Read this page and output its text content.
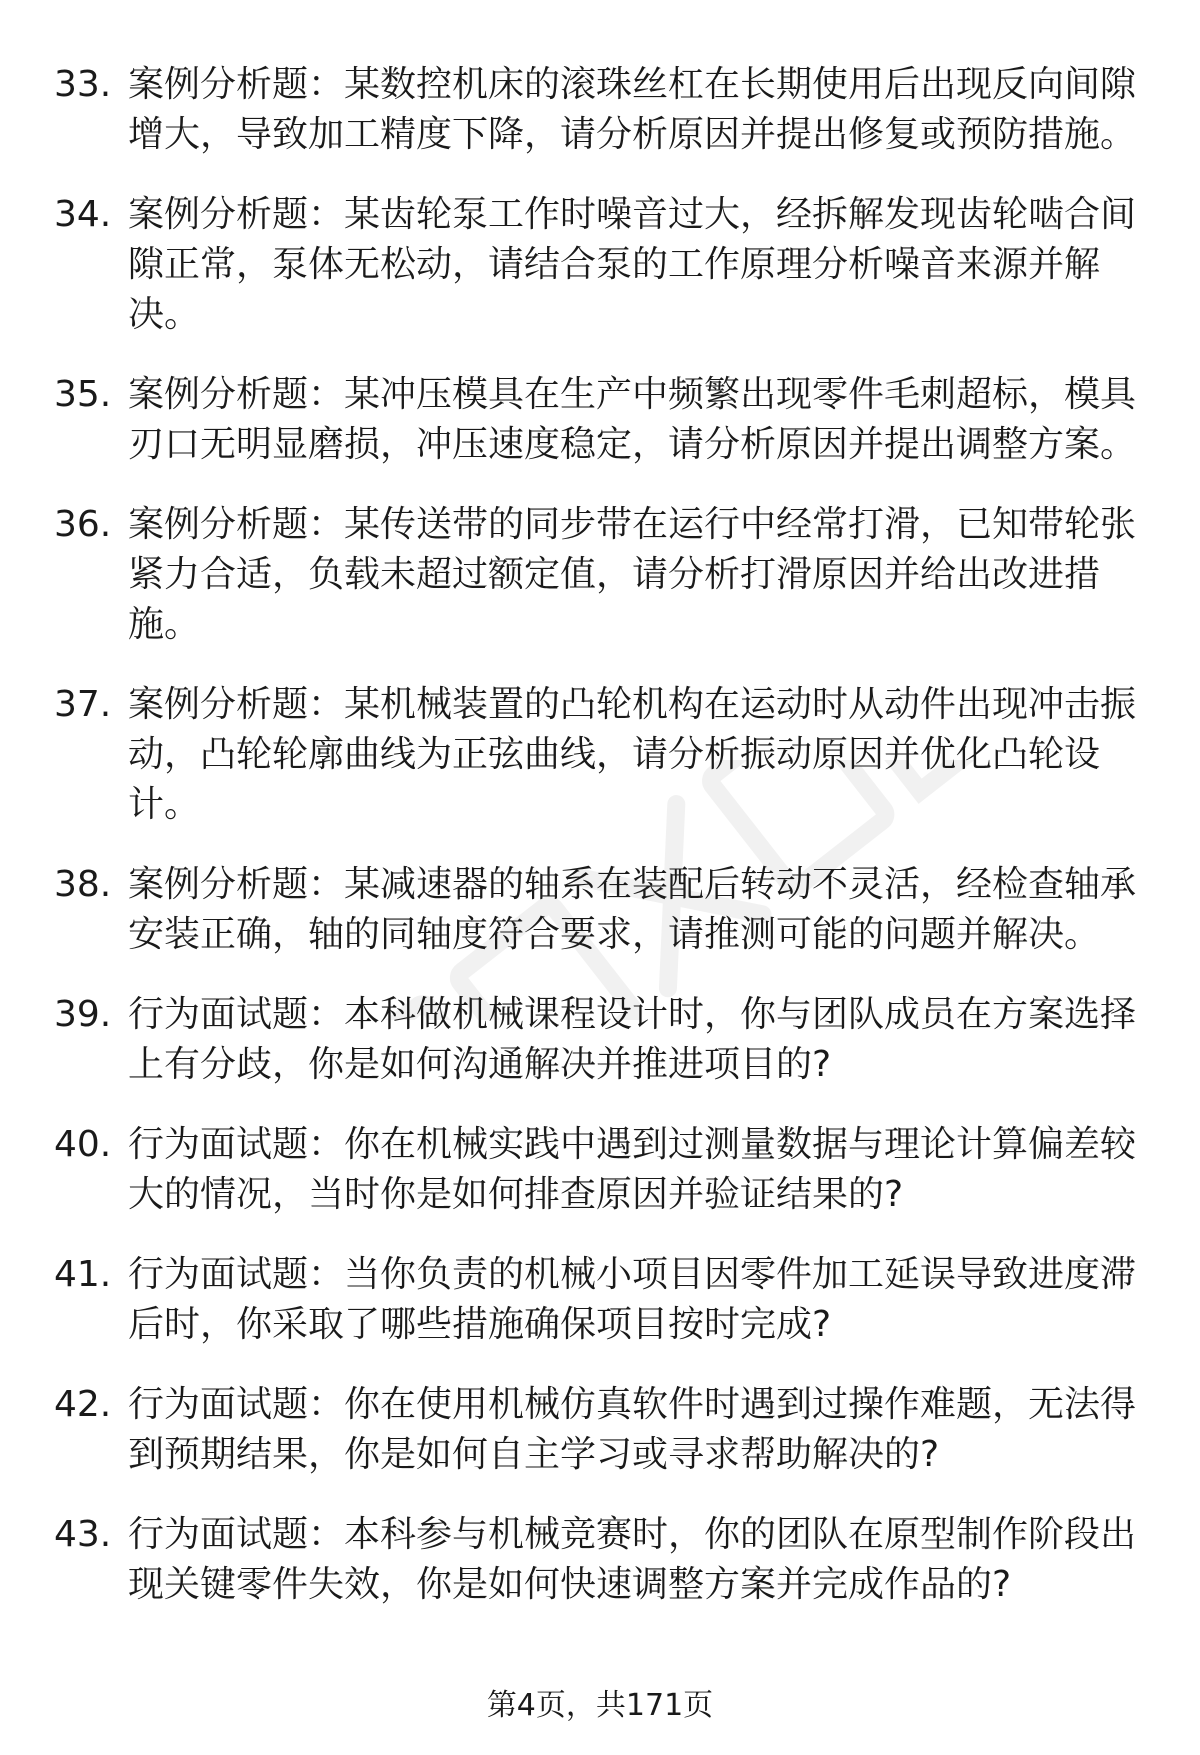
33. 案例分析题：某数控机床的滚珠丝杠在长期使用后出现反向间隙增大，导致加工精度下降，请分析原因并提出修复或预防措施。
34. 案例分析题：某齿轮泵工作时噪音过大，经拆解发现齿轮啮合间隙正常，泵体无松动，请结合泵的工作原理分析噪音来源并解决。
35. 案例分析题：某冲压模具在生产中频繁出现零件毛刺超标，模具刃口无明显磨损，冲压速度稳定，请分析原因并提出调整方案。
36. 案例分析题：某传送带的同步带在运行中经常打滑，已知带轮张紧力合适，负载未超过额定值，请分析打滑原因并给出改进措施。
37. 案例分析题：某机械装置的凸轮机构在运动时从动件出现冲击振动，凸轮轮廓曲线为正弦曲线，请分析振动原因并优化凸轮设计。
38. 案例分析题：某减速器的轴系在装配后转动不灵活，经检查轴承安装正确，轴的同轴度符合要求，请推测可能的问题并解决。
39. 行为面试题：本科做机械课程设计时，你与团队成员在方案选择上有分歧，你是如何沟通解决并推进项目的?
40. 行为面试题：你在机械实践中遇到过测量数据与理论计算偏差较大的情况，当时你是如何排查原因并验证结果的?
41. 行为面试题：当你负责的机械小项目因零件加工延误导致进度滞后时，你采取了哪些措施确保项目按时完成?
42. 行为面试题：你在使用机械仿真软件时遇到过操作难题，无法得到预期结果，你是如何自主学习或寻求帮助解决的?
43. 行为面试题：本科参与机械竞赛时，你的团队在原型制作阶段出现关键零件失效，你是如何快速调整方案并完成作品的?
第4页，共171页
